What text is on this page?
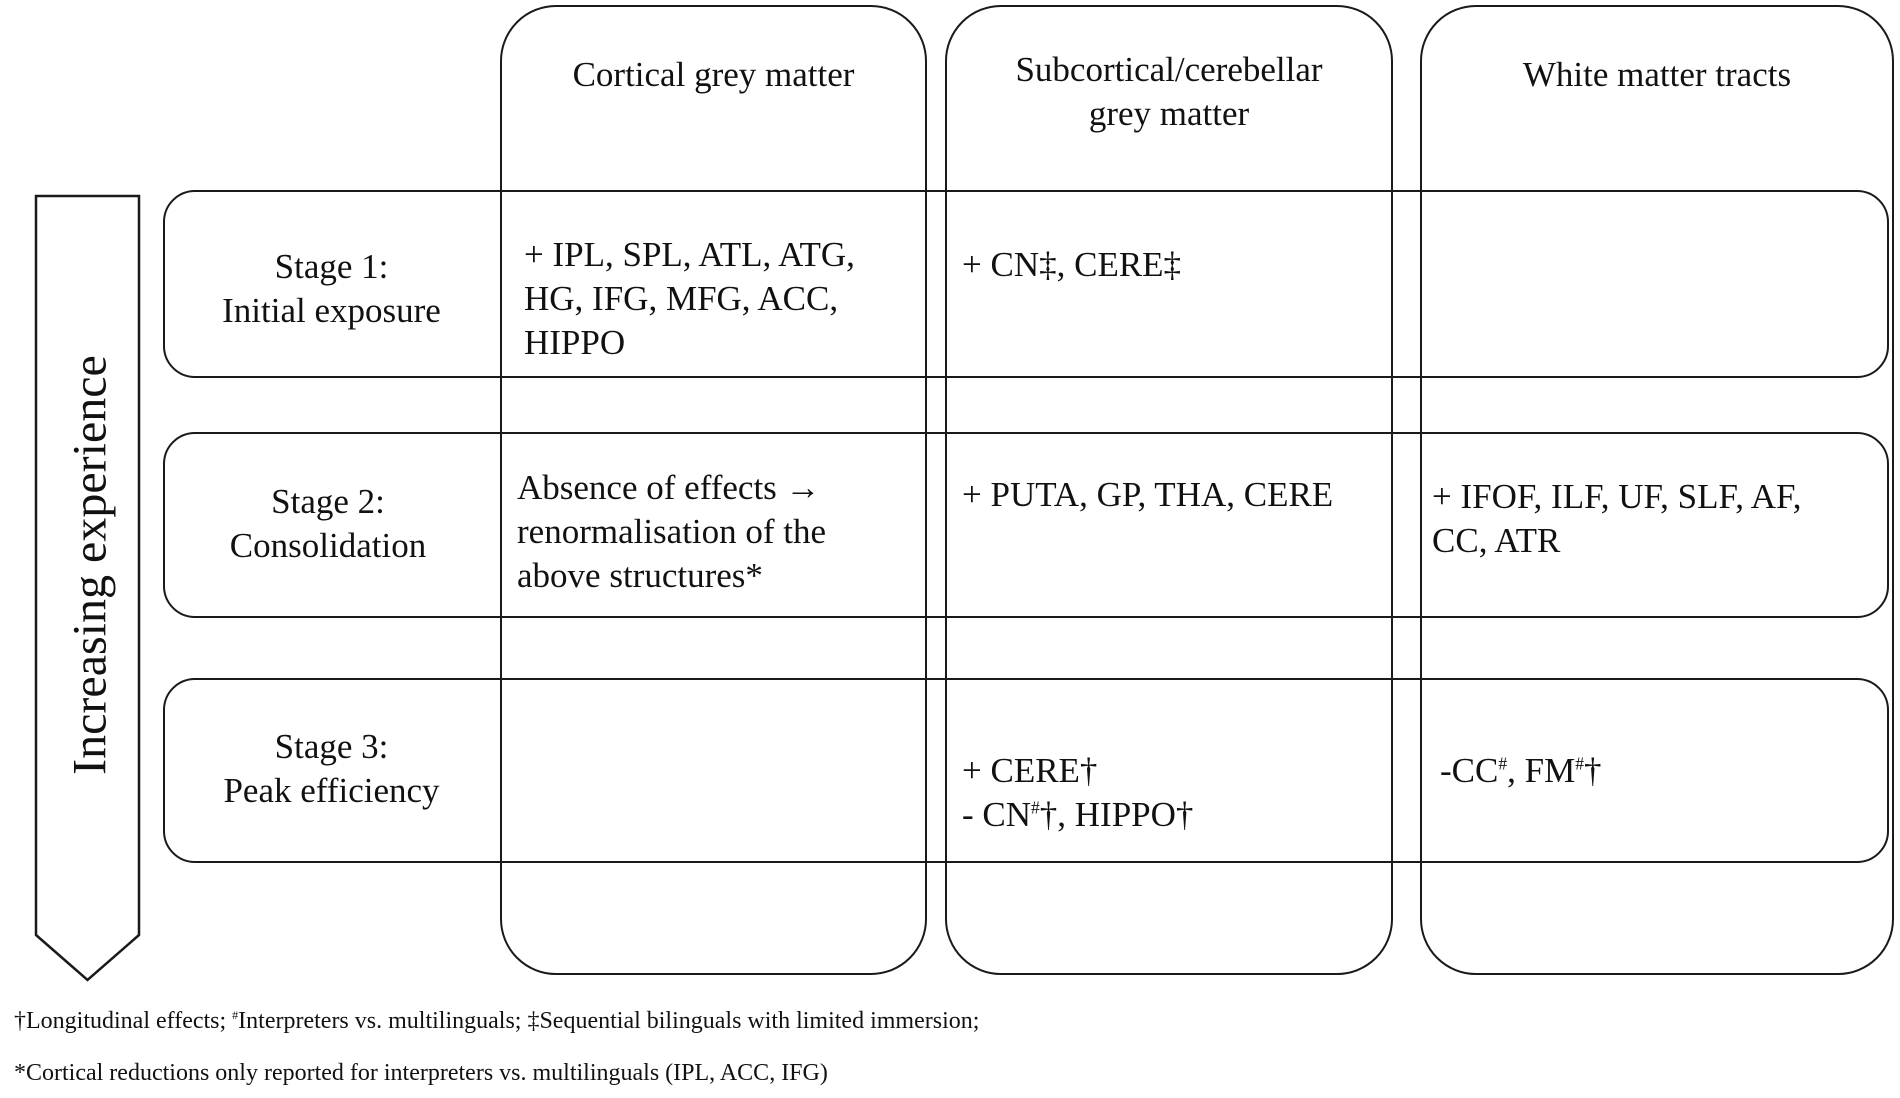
Increasing experience
Cortical grey matter	Subcortical/cerebellar
grey matter
White matter tracts
Stage 1:
Initial exposure
Stage 2:
Consolidation
Stage 3:
Peak efficiency
+ IPL, SPL, ATL, ATG,
HG, IFG, MFG, ACC,
HIPPO
+ CN‡, CERE‡
Absence of effects →
renormalisation of the
above structures*
+ PUTA, GP, THA, CERE	+ IFOF, ILF, UF, SLF, AF,
CC, ATR
+ CERE†
- CN#†, HIPPO†
-CC#, FM#†
†Longitudinal effects; #Interpreters vs. multilinguals; ‡Sequential bilinguals with limited immersion;
*Cortical reductions only reported for interpreters vs. multilinguals (IPL, ACC, IFG)
